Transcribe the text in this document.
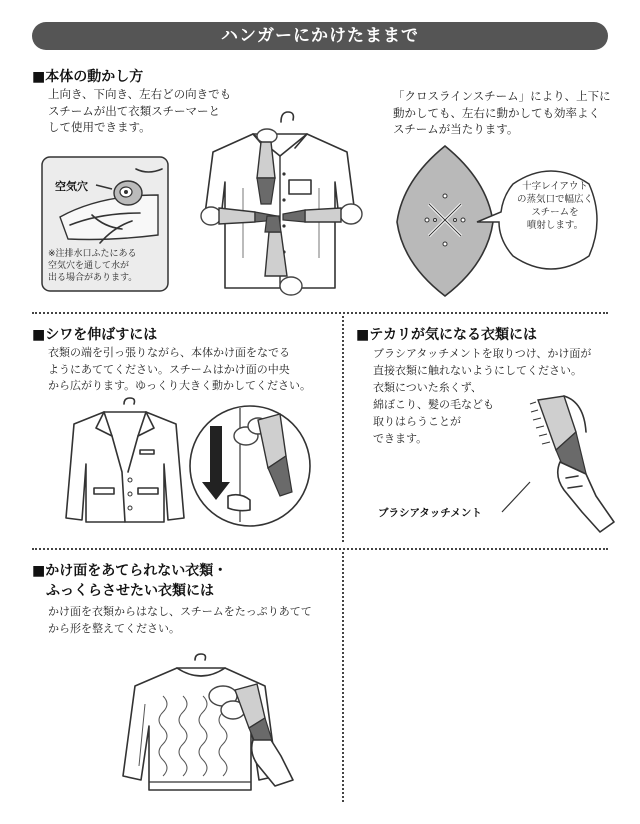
ハンガーにかけたままで
■本体の動かし方
上向き、下向き、左右どの向きでも
スチームが出て衣類スチーマーと
して使用できます。
空気穴
※注排水口ふたにある
空気穴を通して水が
出る場合があります。
「クロスラインスチーム」により、上下に
動かしても、左右に動かしても効率よく
スチームが当たります。
十字レイアウト
の蒸気口で幅広く
スチームを
噴射します。
■シワを伸ばすには
衣類の端を引っ張りながら、本体かけ面をなでる
ようにあててください。スチームはかけ面の中央
から広がります。ゆっくり大きく動かしてください。
■テカリが気になる衣類には
ブラシアタッチメントを取りつけ、かけ面が
直接衣類に触れないようにしてください。
衣類についた糸くず、
綿ぼこり、髪の毛なども
取りはらうことが
できます。
ブラシアタッチメント
■かけ面をあてられない衣類・
　ふっくらさせたい衣類には
かけ面を衣類からはなし、スチームをたっぷりあてて
から形を整えてください。
